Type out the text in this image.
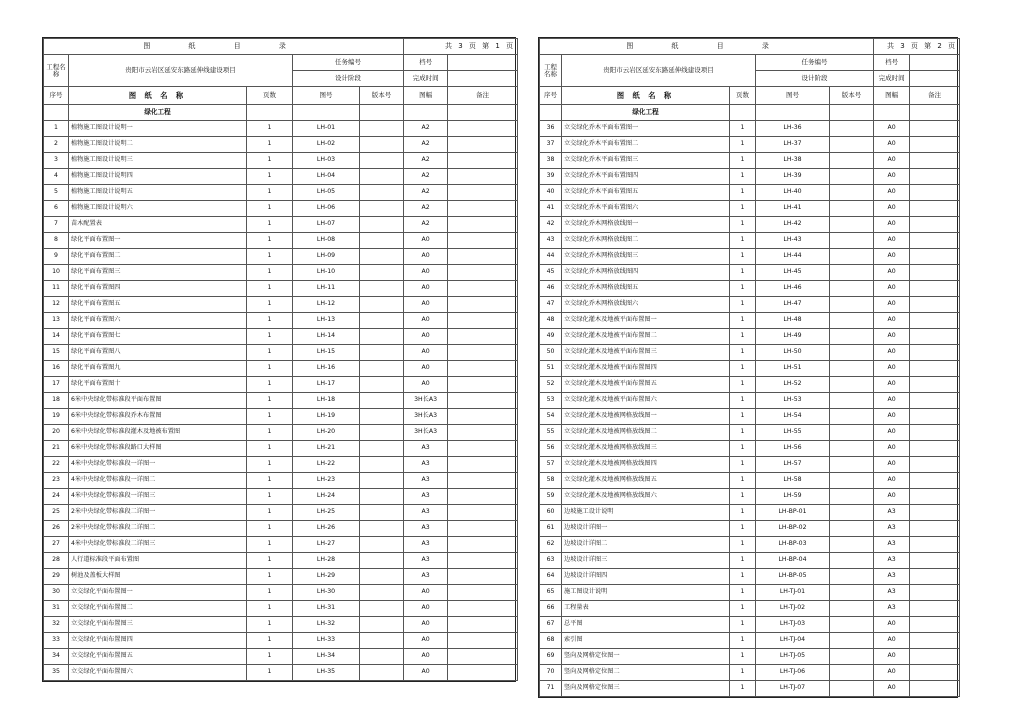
图 纸 目 录					共 3 页 第 1 页	
工程名称	贵阳市云岩区延安东路延伸线建设项目		任务编号		档号	
			设计阶段		完成时间	
序号	图 纸 名 称	页数	图号	版本号	图幅	备注
	绿化工程					
1	植物施工图设计说明一	1	LH-01		A2	
2	植物施工图设计说明二	1	LH-02		A2	
3	植物施工图设计说明三	1	LH-03		A2	
4	植物施工图设计说明四	1	LH-04		A2	
5	植物施工图设计说明五	1	LH-05		A2	
6	植物施工图设计说明六	1	LH-06		A2	
7	苗木配置表	1	LH-07		A2	
8	绿化平面布置图一	1	LH-08		A0	
9	绿化平面布置图二	1	LH-09		A0	
10	绿化平面布置图三	1	LH-10		A0	
11	绿化平面布置图四	1	LH-11		A0	
12	绿化平面布置图五	1	LH-12		A0	
13	绿化平面布置图六	1	LH-13		A0	
14	绿化平面布置图七	1	LH-14		A0	
15	绿化平面布置图八	1	LH-15		A0	
16	绿化平面布置图九	1	LH-16		A0	
17	绿化平面布置图十	1	LH-17		A0	
18	6米中央绿化带标准段平面布置图	1	LH-18		3H长A3	
19	6米中央绿化带标准段乔木布置图	1	LH-19		3H长A3	
20	6米中央绿化带标准段灌木及地被布置图	1	LH-20		3H长A3	
21	6米中央绿化带标准段路口大样图	1	LH-21		A3	
22	4米中央绿化带标准段一详图一	1	LH-22		A3	
23	4米中央绿化带标准段一详图二	1	LH-23		A3	
24	4米中央绿化带标准段一详图三	1	LH-24		A3	
25	2米中央绿化带标准段二详图一	1	LH-25		A3	
26	2米中央绿化带标准段二详图二	1	LH-26		A3	
27	4米中央绿化带标准段二详图三	1	LH-27		A3	
28	人行道标准段平面布置图	1	LH-28		A3	
29	树池及盖板大样图	1	LH-29		A3	
30	立交绿化平面布置图一	1	LH-30		A0	
31	立交绿化平面布置图二	1	LH-31		A0	
32	立交绿化平面布置图三	1	LH-32		A0	
33	立交绿化平面布置图四	1	LH-33		A0	
34	立交绿化平面布置图五	1	LH-34		A0	
35	立交绿化平面布置图六	1	LH-35		A0	
图 纸 目 录					共 3 页 第 2 页	
工程名称	贵阳市云岩区延安东路延伸线建设项目		任务编号		档号	
			设计阶段		完成时间	
序号	图 纸 名 称	页数	图号	版本号	图幅	备注
	绿化工程					
36	立交绿化乔木平面布置图一	1	LH-36		A0	
37	立交绿化乔木平面布置图二	1	LH-37		A0	
38	立交绿化乔木平面布置图三	1	LH-38		A0	
39	立交绿化乔木平面布置图四	1	LH-39		A0	
40	立交绿化乔木平面布置图五	1	LH-40		A0	
41	立交绿化乔木平面布置图六	1	LH-41		A0	
42	立交绿化乔木网格放线图一	1	LH-42		A0	
43	立交绿化乔木网格放线图二	1	LH-43		A0	
44	立交绿化乔木网格放线图三	1	LH-44		A0	
45	立交绿化乔木网格放线图四	1	LH-45		A0	
46	立交绿化乔木网格放线图五	1	LH-46		A0	
47	立交绿化乔木网格放线图六	1	LH-47		A0	
48	立交绿化灌木及地被平面布置图一	1	LH-48		A0	
49	立交绿化灌木及地被平面布置图二	1	LH-49		A0	
50	立交绿化灌木及地被平面布置图三	1	LH-50		A0	
51	立交绿化灌木及地被平面布置图四	1	LH-51		A0	
52	立交绿化灌木及地被平面布置图五	1	LH-52		A0	
53	立交绿化灌木及地被平面布置图六	1	LH-53		A0	
54	立交绿化灌木及地被网格放线图一	1	LH-54		A0	
55	立交绿化灌木及地被网格放线图二	1	LH-55		A0	
56	立交绿化灌木及地被网格放线图三	1	LH-56		A0	
57	立交绿化灌木及地被网格放线图四	1	LH-57		A0	
58	立交绿化灌木及地被网格放线图五	1	LH-58		A0	
59	立交绿化灌木及地被网格放线图六	1	LH-59		A0	
60	边坡施工设计说明	1	LH-BP-01		A3	
61	边坡设计详图一	1	LH-BP-02		A3	
62	边坡设计详图二	1	LH-BP-03		A3	
63	边坡设计详图三	1	LH-BP-04		A3	
64	边坡设计详图四	1	LH-BP-05		A3	
65	施工图设计说明	1	LH-TJ-01		A3	
66	工程量表	1	LH-TJ-02		A3	
67	总平图	1	LH-TJ-03		A0	
68	索引图	1	LH-TJ-04		A0	
69	竖向及网格定位图一	1	LH-TJ-05		A0	
70	竖向及网格定位图二	1	LH-TJ-06		A0	
71	竖向及网格定位图三	1	LH-TJ-07		A0	
